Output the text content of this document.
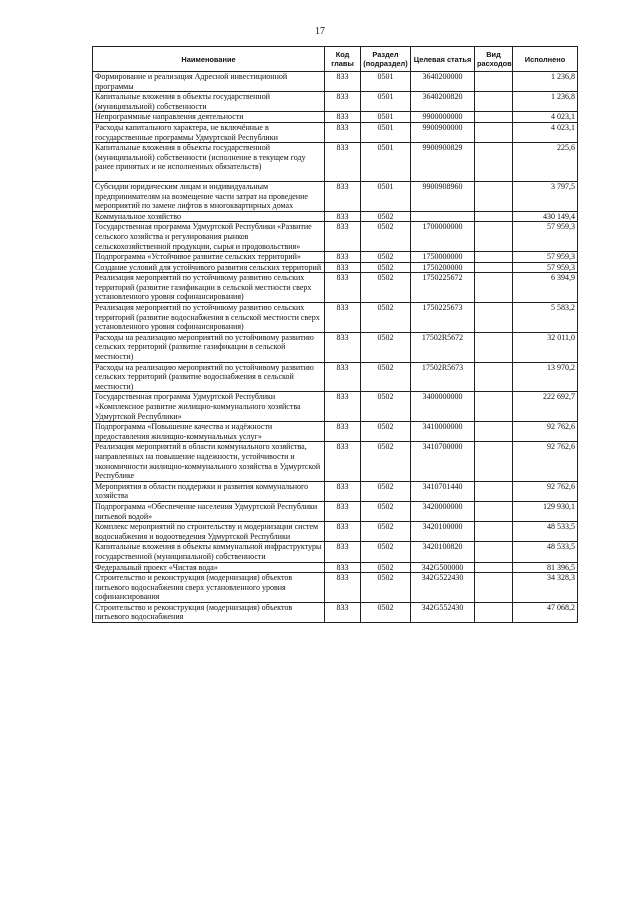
17
Наименование	Код главы	Раздел (подраздел)	Целевая статья	Вид расходов	Исполнено
Формирование и реализация Адресной инвестиционной программы	833	0501	3640200000		1 236,8
Капитальные вложения в объекты государственной (муниципальной) собственности	833	0501	3640200820		1 236,8
Непрограммные направления деятельности	833	0501	9900000000		4 023,1
Расходы капитального характера, не включённые в государственные программы Удмуртской Республики	833	0501	9900900000		4 023,1
Капитальные вложения в объекты государственной (муниципальной) собственности (исполнение в текущем году ранее принятых и не исполненных обязательств)	833	0501	9900900829		225,6
Субсидии юридическим лицам и индивидуальным предпринимателям на возмещение части затрат на проведение мероприятий по замене лифтов в многоквартирных домах	833	0501	9900908960		3 797,5
Коммунальное хозяйство	833	0502			430 149,4
Государственная программа Удмуртской Республики «Развитие сельского хозяйства и регулирования рынков сельскохозяйственной продукции, сырья и продовольствия»	833	0502	1700000000		57 959,3
Подпрограмма «Устойчивое развитие сельских территорий»	833	0502	1750000000		57 959,3
Создание условий для устойчивого развития сельских территорий	833	0502	1750200000		57 959,3
Реализация мероприятий по устойчивому развитию сельских территорий (развитие газификации в сельской местности сверх установленного уровня софинансирования)	833	0502	1750225672		6 394,9
Реализация мероприятий по устойчивому развитию сельских территорий (развитие водоснабжения в сельской местности сверх установленного уровня софинансирования)	833	0502	1750225673		5 583,2
Расходы на реализацию мероприятий по устойчивому развитию сельских территорий (развитие газификации в сельской местности)	833	0502	17502R5672		32 011,0
Расходы на реализацию мероприятий по устойчивому развитию сельских территорий (развитие водоснабжения в сельской местности)	833	0502	17502R5673		13 970,2
Государственная программа Удмуртской Республики «Комплексное развитие жилищно-коммунального хозяйства Удмуртской Республики»	833	0502	3400000000		222 692,7
Подпрограмма «Повышение качества и надёжности предоставления жилищно-коммунальных услуг»	833	0502	3410000000		92 762,6
Реализация мероприятий в области коммунального хозяйства, направленных на повышение надежности, устойчивости и экономичности жилищно-коммунального хозяйства в Удмуртской Республике	833	0502	3410700000		92 762,6
Мероприятия в области поддержки и развития коммунального хозяйства	833	0502	3410701440		92 762,6
Подпрограмма «Обеспечение населения Удмуртской Республики питьевой водой»	833	0502	3420000000		129 930,1
Комплекс мероприятий по строительству и модернизации систем водоснабжения и водоотведения Удмуртской Республики	833	0502	3420100000		48 533,5
Капитальные вложения в объекты коммунальной инфраструктуры государственной (муниципальной) собственности	833	0502	3420100820		48 533,5
Федеральный проект «Чистая вода»	833	0502	342G500000		81 396,5
Строительство и реконструкция (модернизация) объектов питьевого водоснабжения сверх установленного уровня софинансирования	833	0502	342G522430		34 328,3
Строительство и реконструкция (модернизация) объектов питьевого водоснабжения	833	0502	342G552430		47 068,2
